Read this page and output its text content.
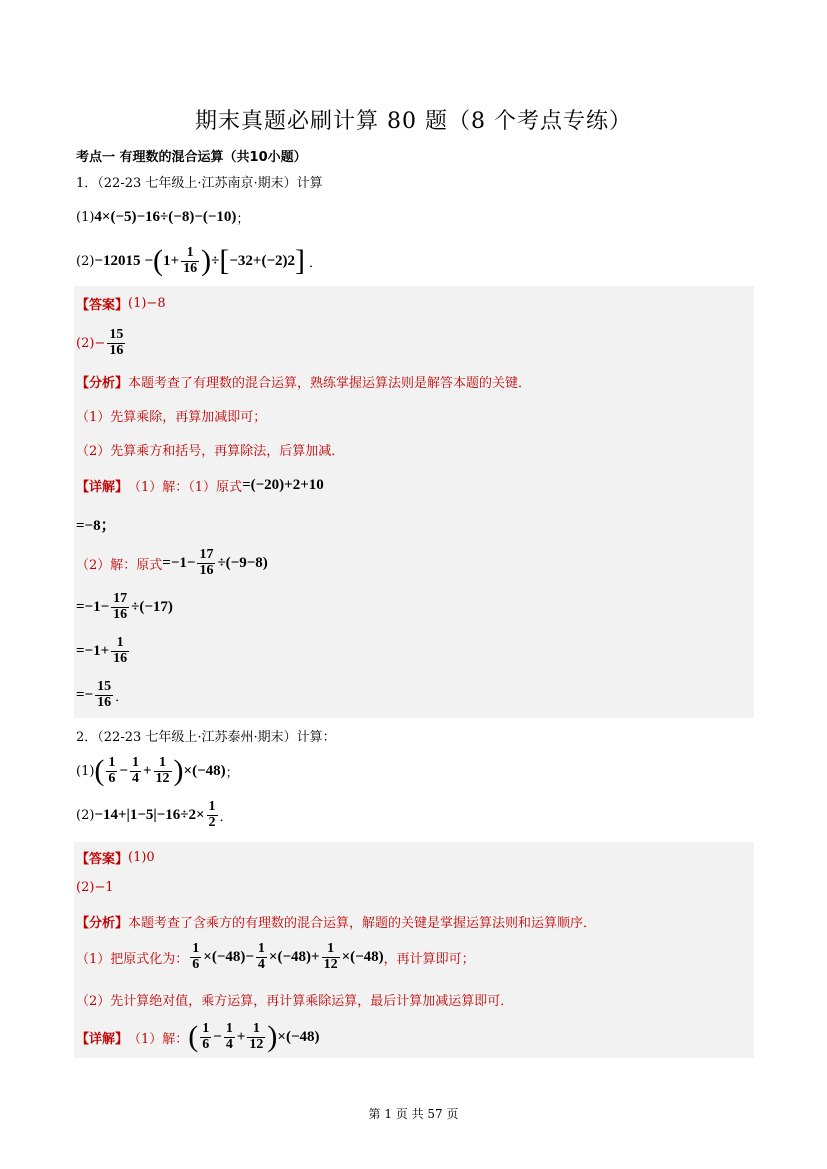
期末真题必刷计算 80 题（8 个考点专练）
考点一 有理数的混合运算（共10小题）
1．（22-23 七年级上·江苏南京·期末）计算
(1) 4×(−5)−16÷(−8)−(−10) ；
(2) −1 2015 − ( $1+ \frac{1}{16}$ ) ÷ [ −3 2 +(−2) 2 ] ．
【答案】 (1)−8
$(2)- \frac{15}{16}$
【分析】 本题考查了有理数的混合运算，熟练掌握运算法则是解答本题的关键．
（1）先算乘除，再算加减即可；
（2）先算乘方和括号，再算除法，后算加减．
【详解】 （1）解：（1）原式 =(−20)+2+10
=−8；
（2）解：原式 $=-1- \frac{17}{16} \div(-9-8)$
$=-1- \frac{17}{16} \div(-17)$
$=-1+ \frac{1}{16}$
=− $\frac{15}{16}$ ．
2．（22-23 七年级上·江苏泰州·期末）计算：
(1) ( $\frac{1}{6} - \frac{1}{4} + \frac{1}{12}$ ) ×(−48) ；
(2) −1 $4 +|1-5|-16\div 2\times \frac{1}{2}$ ．
【答案】 (1)0
(2)−1
【分析】 本题考查了含乘方的有理数的混合运算，解题的关键是掌握运算法则和运算顺序．
（1）把原式化为： $\frac{1}{6} \times(-48)- \frac{1}{4} \times(-48)+ \frac{1}{12} \times(-48)$ ，再计算即可；
（2）先计算绝对值，乘方运算，再计算乘除运算，最后计算加减运算即可．
【详解】 （1）解： ( $\frac{1}{6} - \frac{1}{4} + \frac{1}{12}$ ) ×(−48)
第 1 页 共 57 页
